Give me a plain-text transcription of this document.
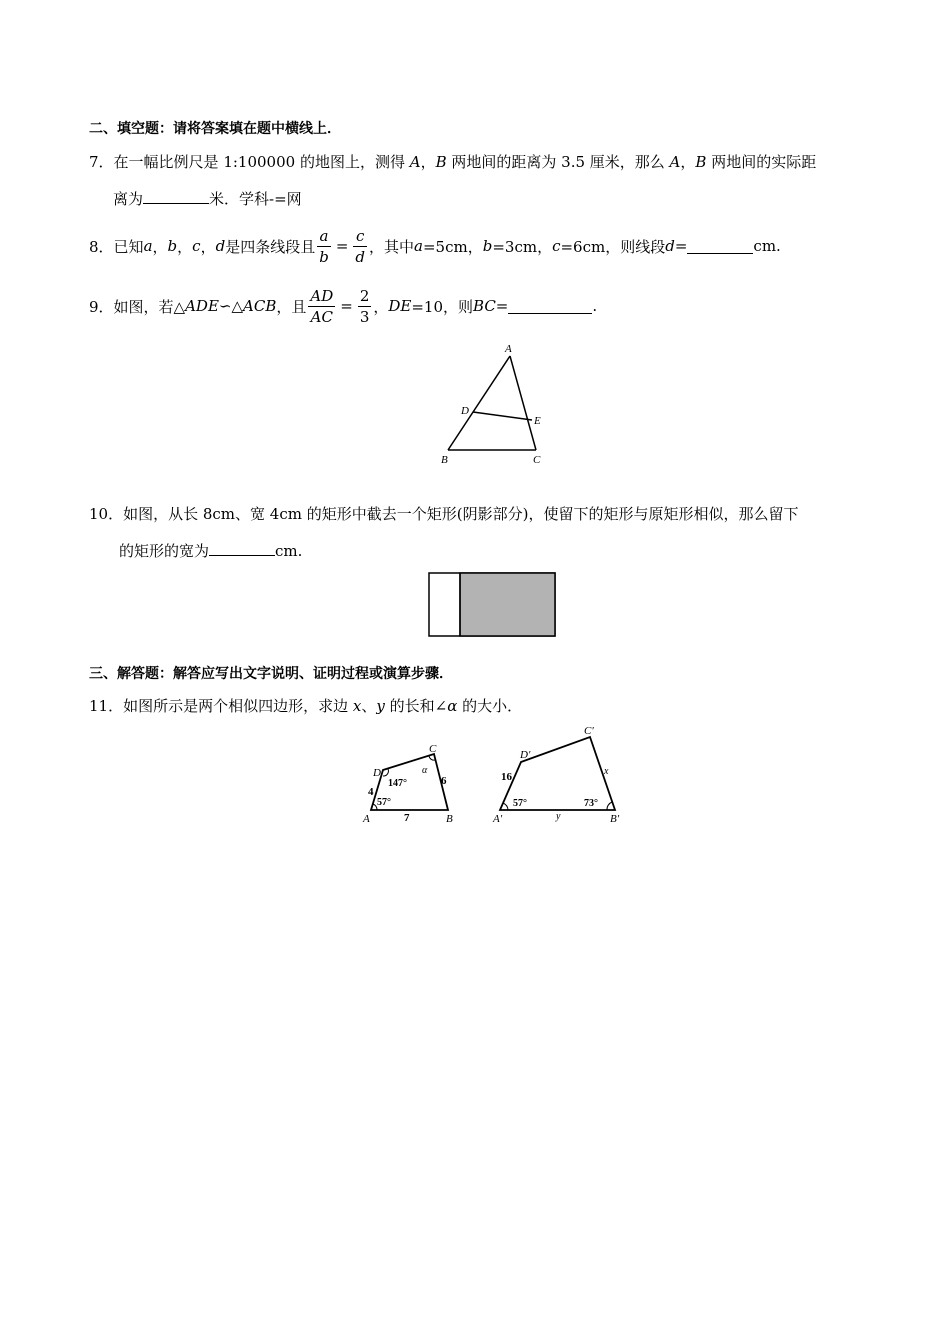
二、填空题：请将答案填在题中横线上．
7．在一幅比例尺是 1:100000 的地图上，测得 A，B 两地间的距离为 3.5 厘米，那么 A，B 两地间的实际距
离为	米．学科-=网
8． 已知 a ， b ， c ， d 是四条线段且 $\frac{a}{b} = \frac{c}{d}$ ，其中 a =5cm， b =3cm， c =6cm，则线段 d =	cm.
9． 如图，若△ ADE ∽△ ACB ，且 $\frac{AD}{AC} = \frac{2}{3}$ ， DE =10，则 BC =	.
A
D
E
B	C
10．如图，从长 8cm、宽 4cm 的矩形中截去一个矩形(阴影部分)，使留下的矩形与原矩形相似，那么留下
的矩形的宽为	cm.
三、解答题：解答应写出文字说明、证明过程或演算步骤．
11．如图所示是两个相似四边形，求边 x、y 的长和∠α 的大小．
A	B
C
D
4
7
6
147°
57°
α
A′	B′
C′
D′
16	x
y
57°	73°
